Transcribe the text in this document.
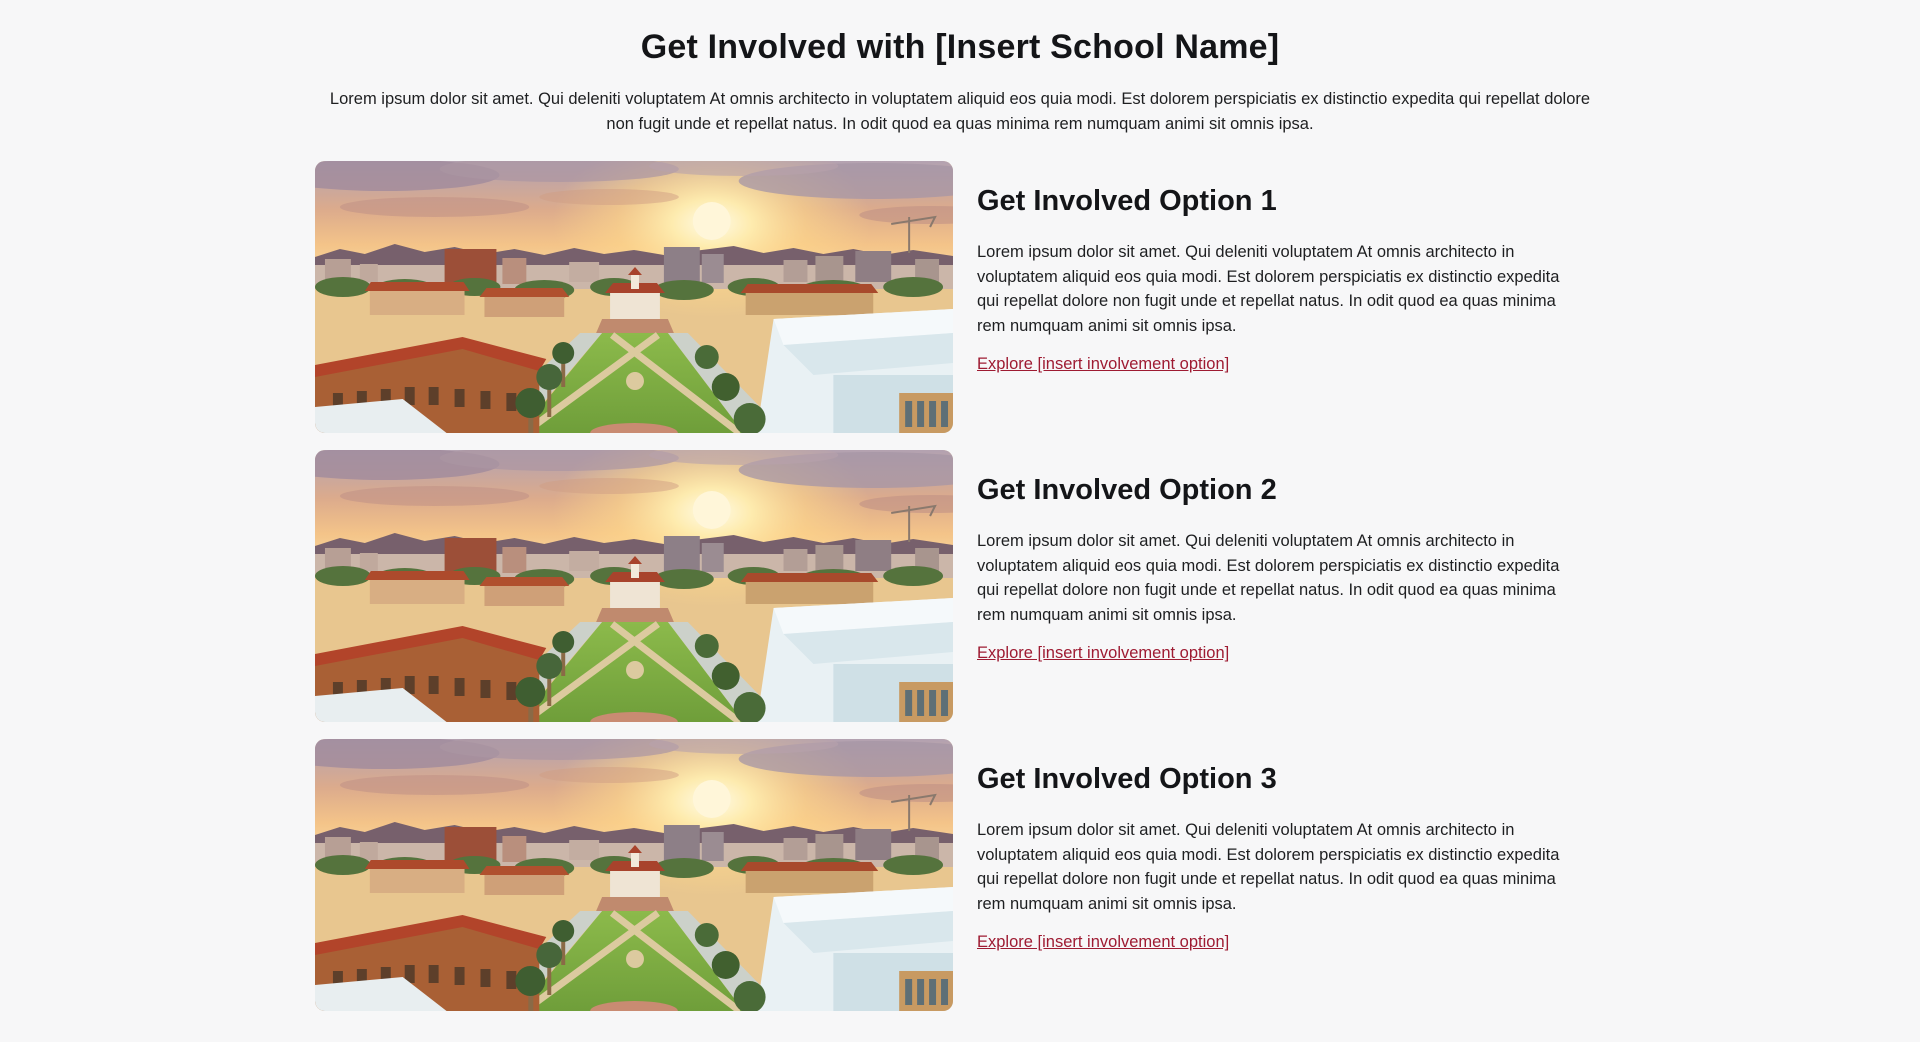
Get Involved with [Insert School Name]

Lorem ipsum dolor sit amet. Qui deleniti voluptatem At omnis architecto in voluptatem aliquid eos quia modi. Est dolorem perspiciatis ex distinctio expedita qui repellat dolore non fugit unde et repellat natus. In odit quod ea quas minima rem numquam animi sit omnis ipsa.

Get Involved Option 1

Lorem ipsum dolor sit amet. Qui deleniti voluptatem At omnis architecto in voluptatem aliquid eos quia modi. Est dolorem perspiciatis ex distinctio expedita qui repellat dolore non fugit unde et repellat natus. In odit quod ea quas minima rem numquam animi sit omnis ipsa.

Explore [insert involvement option]
Get Involved Option 2

Lorem ipsum dolor sit amet. Qui deleniti voluptatem At omnis architecto in voluptatem aliquid eos quia modi. Est dolorem perspiciatis ex distinctio expedita qui repellat dolore non fugit unde et repellat natus. In odit quod ea quas minima rem numquam animi sit omnis ipsa.

Explore [insert involvement option]
Get Involved Option 3

Lorem ipsum dolor sit amet. Qui deleniti voluptatem At omnis architecto in voluptatem aliquid eos quia modi. Est dolorem perspiciatis ex distinctio expedita qui repellat dolore non fugit unde et repellat natus. In odit quod ea quas minima rem numquam animi sit omnis ipsa.

Explore [insert involvement option]
